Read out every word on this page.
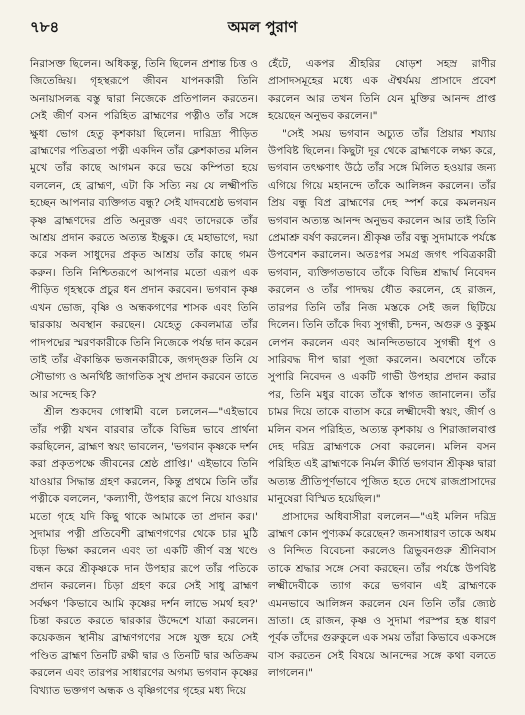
৭৮৪	অমল পুরাণ

নিরাসক্ত ছিলেন। অধিকন্তু, তিনি ছিলেন প্রশান্ত চিত্ত ও জিতেন্দ্রিয়। গৃহস্থরূপে জীবন যাপনকারী তিনি অনায়াসলব্ধ বস্তু দ্বারা নিজেকে প্রতিপালন করতেন। সেই জীর্ণ বসন পরিহিত ব্রাহ্মণের পত্নীও তাঁর সঙ্গে ক্ষুধা ভোগ হেতু কৃশকায়া ছিলেন। দারিদ্র্য পীড়িত ব্রাহ্মণের পতিব্রতা পত্নী একদিন তাঁর ক্লেশকাতর মলিন মুখে তাঁর কাছে আগমন করে ভয়ে কম্পিতা হয়ে বললেন, হে ব্রাহ্মণ, এটা কি সত্যি নয় যে লক্ষ্মীপতি হচ্ছেন আপনার ব্যক্তিগত বন্ধু? সেই যাদবশ্রেষ্ঠ ভগবান কৃষ্ণ ব্রাহ্মণদের প্রতি অনুরক্ত এবং তাদেরকে তাঁর আশ্রয় প্রদান করতে অত্যন্ত ইচ্ছুক। হে মহাভাগে, দয়া করে সকল সাধুদের প্রকৃত আশ্রয় তাঁর কাছে গমন করুন। তিনি নিশ্চিতরূপে আপনার মতো এরূপ এক পীড়িত গৃহস্থকে প্রচুর ধন প্রদান করবেন। ভগবান কৃষ্ণ এখন ভোজ, বৃষ্ণি ও অন্ধকগণের শাসক এবং তিনি দ্বারকায় অবস্থান করছেন। যেহেতু কেবলমাত্র তাঁর পাদপদ্মের স্মরণকারীকে তিনি নিজেকে পর্যন্ত দান করেন তাই তাঁর ঐকান্তিক ভজনকারীকে, জগদ্‌গুরু তিনি যে সৌভাগ্য ও অনর্থিষ্ট জাগতিক সুখ প্রদান করবেন তাতে আর সন্দেহ কি?

শ্রীল শুকদেব গোস্বামী বলে চললেন—"এইভাবে তাঁর পত্নী যখন বারবার তাঁকে বিভিন্ন ভাবে প্রার্থনা করছিলেন, ব্রাহ্মণ স্বয়ং ভাবলেন, 'ভগবান কৃষ্ণকে দর্শন করা প্রকৃতপক্ষে জীবনের শ্রেষ্ঠ প্রাপ্তি।' এইভাবে তিনি যাওয়ার সিদ্ধান্ত গ্রহণ করলেন, কিন্তু প্রথমে তিনি তাঁর পত্নীকে বললেন, 'কল্যাণী, উপহার রূপে নিয়ে যাওয়ার মতো গৃহে যদি কিছু থাকে আমাকে তা প্রদান কর।' সুদামার পত্নী প্রতিবেশী ব্রাহ্মণগণের থেকে চার মুঠি চিড়া ভিক্ষা করলেন এবং তা একটি জীর্ণ বস্ত্র খণ্ডে বন্ধন করে শ্রীকৃষ্ণকে দান উপহার রূপে তাঁর পতিকে প্রদান করলেন। চিড়া গ্রহণ করে সেই সাধু ব্রাহ্মণ সর্বক্ষণ 'কিভাবে আমি কৃষ্ণের দর্শন লাভে সমর্থ হব?' চিন্তা করতে করতে দ্বারকার উদ্দেশে যাত্রা করলেন। কয়েকজন স্থানীয় ব্রাহ্মণগণের সঙ্গে যুক্ত হয়ে সেই পণ্ডিত ব্রাহ্মণ তিনটি রক্ষী দ্বার ও তিনটি দ্বার অতিক্রম করলেন এবং তারপর সাধারণের অগম্য ভগবান কৃষ্ণের বিখ্যাত ভক্তগণ অন্ধক ও বৃষ্ণিগণের গৃহের মধ্য দিয়ে

হেঁটে, একপর শ্রীহরির ষোড়শ সহস্র রাণীর প্রাসাদসমূহের মধ্যে এক ঐশ্বর্যময় প্রাসাদে প্রবেশ করলেন আর তখন তিনি যেন মুক্তির আনন্দ প্রাপ্ত হয়েছেন অনুভব করলেন।"

"সেই সময় ভগবান অচ্যুত তাঁর প্রিয়ার শয্যায় উপবিষ্ট ছিলেন। কিছুটা দূর থেকে ব্রাহ্মণকে লক্ষ্য করে, ভগবান তৎক্ষণাৎ উঠে তাঁর সঙ্গে মিলিত হওয়ার জন্য এগিয়ে গিয়ে মহানন্দে তাঁকে আলিঙ্গন করলেন। তাঁর প্রিয় বন্ধু বিপ্র ব্রাহ্মণের দেহ স্পর্শ করে কমলনয়ন ভগবান অত্যন্ত আনন্দ অনুভব করলেন আর তাই তিনি প্রেমাশ্রু বর্ষণ করলেন। শ্রীকৃষ্ণ তাঁর বন্ধু সুদামাকে পর্যঙ্কে উপবেশন করালেন। অতঃপর সমগ্র জগৎ পবিত্রকারী ভগবান, ব্যক্তিগতভাবে তাঁকে বিভিন্ন শ্রদ্ধার্ঘ নিবেদন করলেন ও তাঁর পাদদ্বয় ধৌত করলেন, হে রাজন, তারপর তিনি তাঁর নিজ মস্তকে সেই জল ছিটিয়ে দিলেন। তিনি তাঁকে দিব্য সুগন্ধী, চন্দন, অগুরু ও কুঙ্কুম লেপন করলেন এবং আনন্দিতভাবে সুগন্ধী ধূপ ও সারিবদ্ধ দীপ দ্বারা পূজা করলেন। অবশেষে তাঁকে সুপারি নিবেদন ও একটি গাভী উপহার প্রদান করার পর, তিনি মধুর বাক্যে তাঁকে স্বাগত জানালেন। তাঁর চামর দিয়ে তাকে বাতাস করে লক্ষ্মীদেবী স্বয়ং, জীর্ণ ও মলিন বসন পরিহিত, অত্যন্ত কৃশকায় ও শিরাজালবাপ্ত দেহ দরিদ্র ব্রাহ্মণকে সেবা করলেন। মলিন বসন পরিহিত এই ব্রাহ্মণকে নির্মল কীর্তি ভগবান শ্রীকৃষ্ণ দ্বারা অত্যন্ত প্রীতিপূর্ণভাবে পূজিত হতে দেখে রাজপ্রাসাদের মানুষেরা বিস্মিত হয়েছিল।"

প্রাসাদের অধিবাসীরা বললেন—"এই মলিন দরিদ্র ব্রাহ্মণ কোন পুণ্যকর্ম করেছেন? জনসাধারণ তাকে অধম ও নিন্দিত বিবেচনা করলেও ত্রিভুবনগুরু শ্রীনিবাস তাকে শ্রদ্ধার সঙ্গে সেবা করছেন। তাঁর পর্যঙ্কে উপবিষ্ট লক্ষ্মীদেবীকে ত্যাগ করে ভগবান এই ব্রাহ্মণকে এমনভাবে আলিঙ্গন করলেন যেন তিনি তাঁর জ্যেষ্ঠ ভ্রাতা। হে রাজন, কৃষ্ণ ও সুদামা পরস্পর হস্ত ধারণ পূর্বক তাঁদের গুরুকুলে এক সময় তাঁরা কিভাবে একসঙ্গে বাস করতেন সেই বিষয়ে আনন্দের সঙ্গে কথা বলতে লাগলেন।"
